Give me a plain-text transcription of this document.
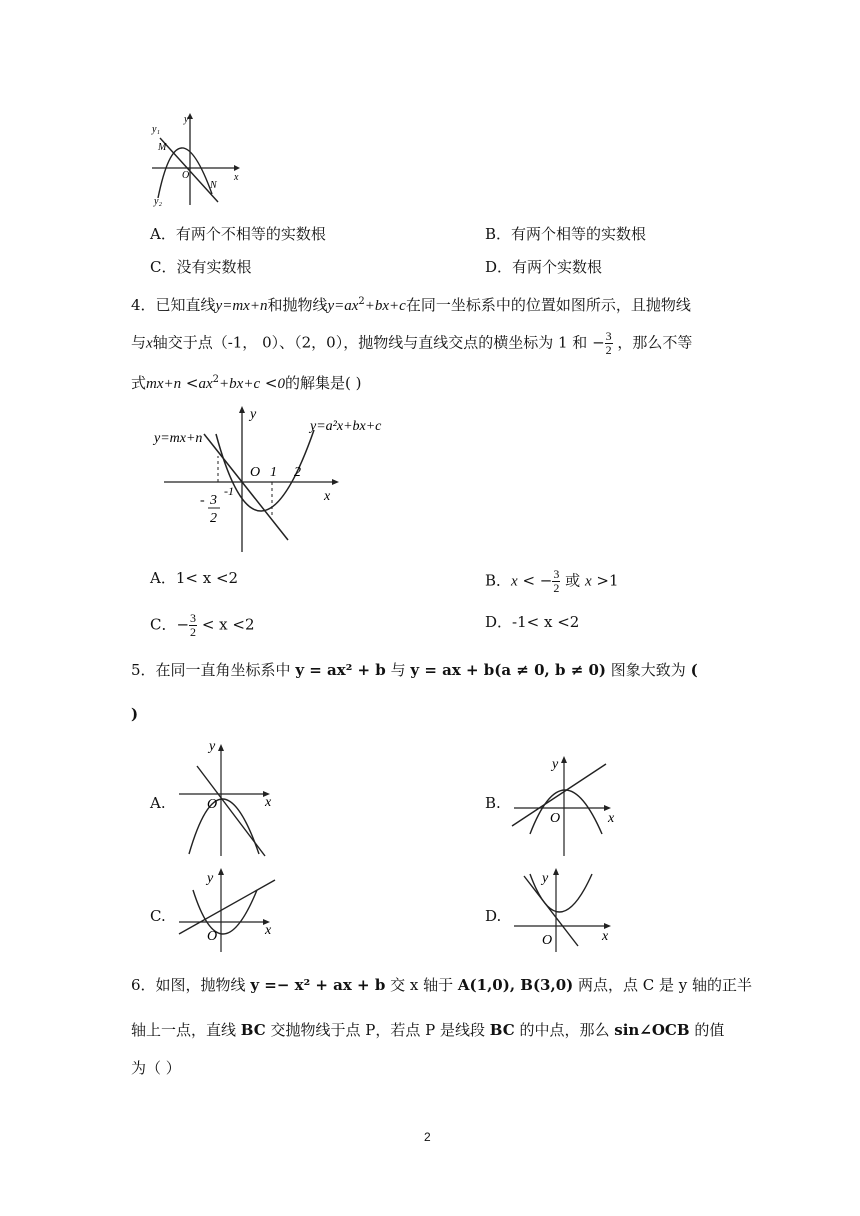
y
y₁
M
O
N
x
y₂
A．有两个不相等的实数根	B．有两个相等的实数根
C．没有实数根	D．有两个实数根
4．已知直线y=mx+n和抛物线$y=ax^2+bx+c$在同一坐标系中的位置如图所示，且抛物线
与x轴交于点（-1， 0）、（2，0），抛物线与直线交点的横坐标为 1 和 − $\frac{3}{2}$ ，那么不等
式$mx+n <ax^2+bx+c <0$的解集是( )
y
y=mx+n
y=a²x+bx+c
O 1 2
-1	x
- 3
2
A．1< x <2	B．x < − $\frac{3}{2}$ 或 x >1
C．− $\frac{3}{2} < x <2$	D．-1< x <2
5．在同一直角坐标系中 y = ax² + b 与 y = ax + b(a ≠ 0, b ≠ 0) 图象大致为 (
)
A.
y
x
O	B.
y
x
O
C.
y
x
O
D.
y
x
O
6．如图，抛物线 y =− x² + ax + b 交 x 轴于 A(1,0), B(3,0) 两点，点 C 是 y 轴的正半
轴上一点，直线 BC 交抛物线于点 P，若点 P 是线段 BC 的中点，那么 sin∠OCB 的值
为（ ）
2
